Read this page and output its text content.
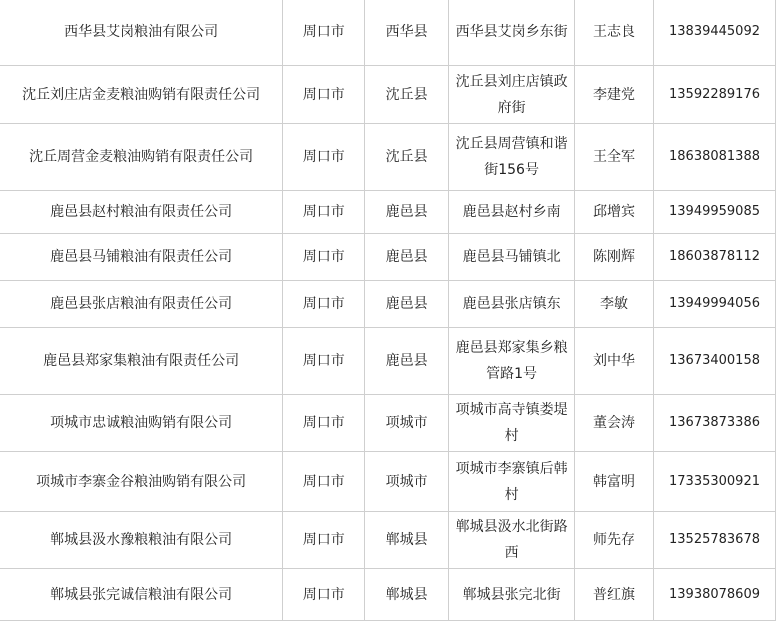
西华县艾岗粮油有限公司	周口市	西华县	西华县艾岗乡东街	王志良	13839445092
沈丘刘庄店金麦粮油购销有限责任公司	周口市	沈丘县	沈丘县刘庄店镇政府街	李建党	13592289176
沈丘周营金麦粮油购销有限责任公司	周口市	沈丘县	沈丘县周营镇和谐街156号	王全军	18638081388
鹿邑县赵村粮油有限责任公司	周口市	鹿邑县	鹿邑县赵村乡南	邱增宾	13949959085
鹿邑县马铺粮油有限责任公司	周口市	鹿邑县	鹿邑县马铺镇北	陈刚辉	18603878112
鹿邑县张店粮油有限责任公司	周口市	鹿邑县	鹿邑县张店镇东	李敏	13949994056
鹿邑县郑家集粮油有限责任公司	周口市	鹿邑县	鹿邑县郑家集乡粮管路1号	刘中华	13673400158
项城市忠诚粮油购销有限公司	周口市	项城市	项城市高寺镇娄堤村	董会涛	13673873386
项城市李寨金谷粮油购销有限公司	周口市	项城市	项城市李寨镇后韩村	韩富明	17335300921
郸城县汲水豫粮粮油有限公司	周口市	郸城县	郸城县汲水北街路西	师先存	13525783678
郸城县张完诚信粮油有限公司	周口市	郸城县	郸城县张完北街	普红旗	13938078609
